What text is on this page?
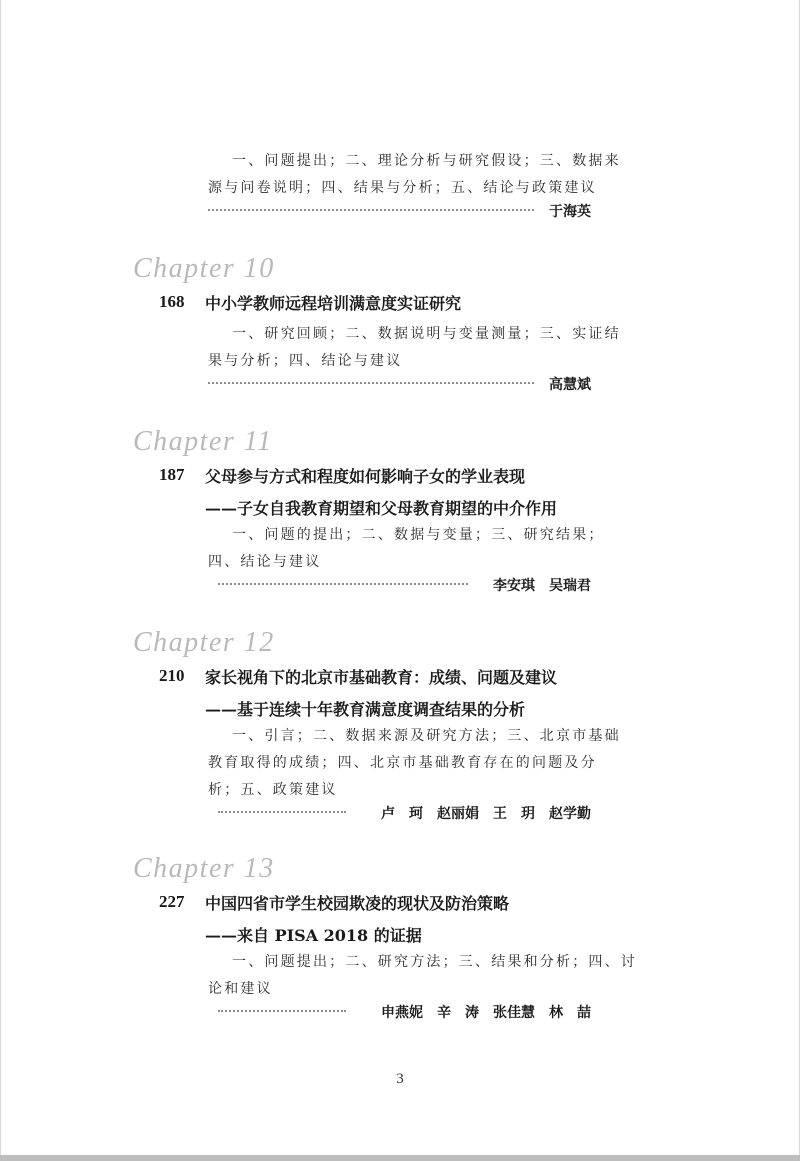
一、问题提出；二、理论分析与研究假设；三、数据来
源与问卷说明；四、结果与分析；五、结论与政策建议
于海英
Chapter 10
168 中小学教师远程培训满意度实证研究
一、研究回顾；二、数据说明与变量测量；三、实证结
果与分析；四、结论与建议
高慧斌
Chapter 11
187 父母参与方式和程度如何影响子女的学业表现
——子女自我教育期望和父母教育期望的中介作用
一、问题的提出；二、数据与变量；三、研究结果；
四、结论与建议
李安琪　吴瑞君
Chapter 12
210 家长视角下的北京市基础教育：成绩、问题及建议
——基于连续十年教育满意度调查结果的分析
一、引言；二、数据来源及研究方法；三、北京市基础
教育取得的成绩；四、北京市基础教育存在的问题及分
析；五、政策建议
卢　珂　赵丽娟　王　玥　赵学勤
Chapter 13
227 中国四省市学生校园欺凌的现状及防治策略
——来自 PISA 2018 的证据
一、问题提出；二、研究方法；三、结果和分析；四、讨
论和建议
申燕妮　辛　涛　张佳慧　林　喆
3
